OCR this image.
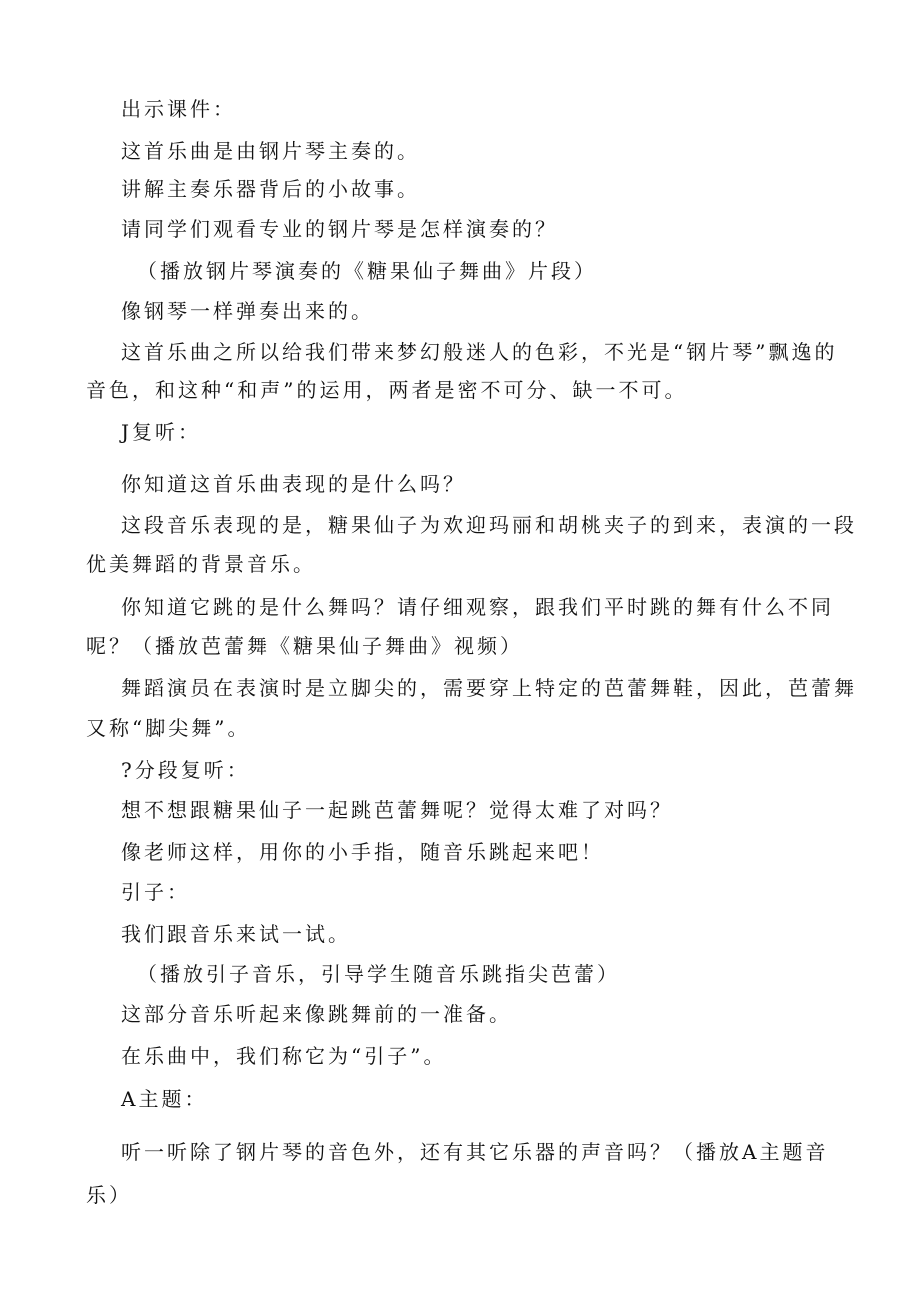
出示课件：

这首乐曲是由钢片琴主奏的。

讲解主奏乐器背后的小故事。

请同学们观看专业的钢片琴是怎样演奏的？

（播放钢片琴演奏的《糖果仙子舞曲》片段）

像钢琴一样弹奏出来的。

这首乐曲之所以给我们带来梦幻般迷人的色彩，不光是“钢片琴”飘逸的

音色，和这种“和声”的运用，两者是密不可分、缺一不可。

J复听：

你知道这首乐曲表现的是什么吗？

这段音乐表现的是，糖果仙子为欢迎玛丽和胡桃夹子的到来，表演的一段

优美舞蹈的背景音乐。

你知道它跳的是什么舞吗？请仔细观察，跟我们平时跳的舞有什么不同

呢？（播放芭蕾舞《糖果仙子舞曲》视频）

舞蹈演员在表演时是立脚尖的，需要穿上特定的芭蕾舞鞋，因此，芭蕾舞

又称“脚尖舞”。

?分段复听：

想不想跟糖果仙子一起跳芭蕾舞呢？觉得太难了对吗？

像老师这样，用你的小手指，随音乐跳起来吧！

引子：

我们跟音乐来试一试。

（播放引子音乐，引导学生随音乐跳指尖芭蕾）

这部分音乐听起来像跳舞前的一准备。

在乐曲中，我们称它为“引子”。

A主题：

听一听除了钢片琴的音色外，还有其它乐器的声音吗？（播放A主题音

乐）
